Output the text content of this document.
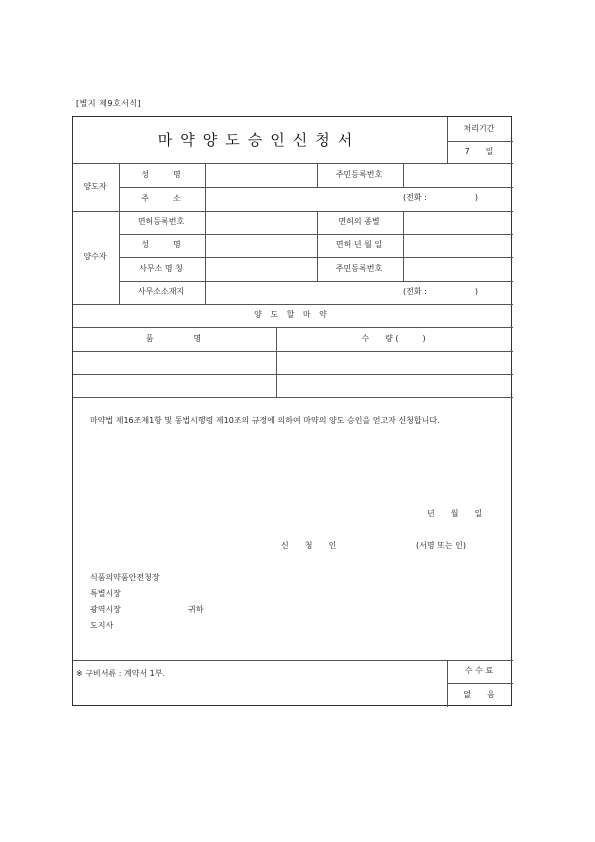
[별지 제9호서식]
마약양도승인신청서
처리기간
7　　일
양도자
성　　　명	주민등록번호
주　　　소	(전화 :　　　　　　)
양수자
면허등록번호	면허의 종별
성　　　명	면허 년 월 일
사무소 명 칭	주민등록번호
사무소소재지	(전화 :　　　　　　)
양 도 할 마 약
품　　　　　명	수　　량 (　　　)
　마약법 제16조제1항 및 동법시행령 제10조의 규정에 의하여 마약의 양도 승인을 얻고자 신청합니다.
년　　월　　일
신　　청　　인	(서명 또는 인)
식품의약품안전청장
특별시장
광역시장	귀하
도지사
※ 구비서류 : 계약서 1부.	수 수 료
없　　음
